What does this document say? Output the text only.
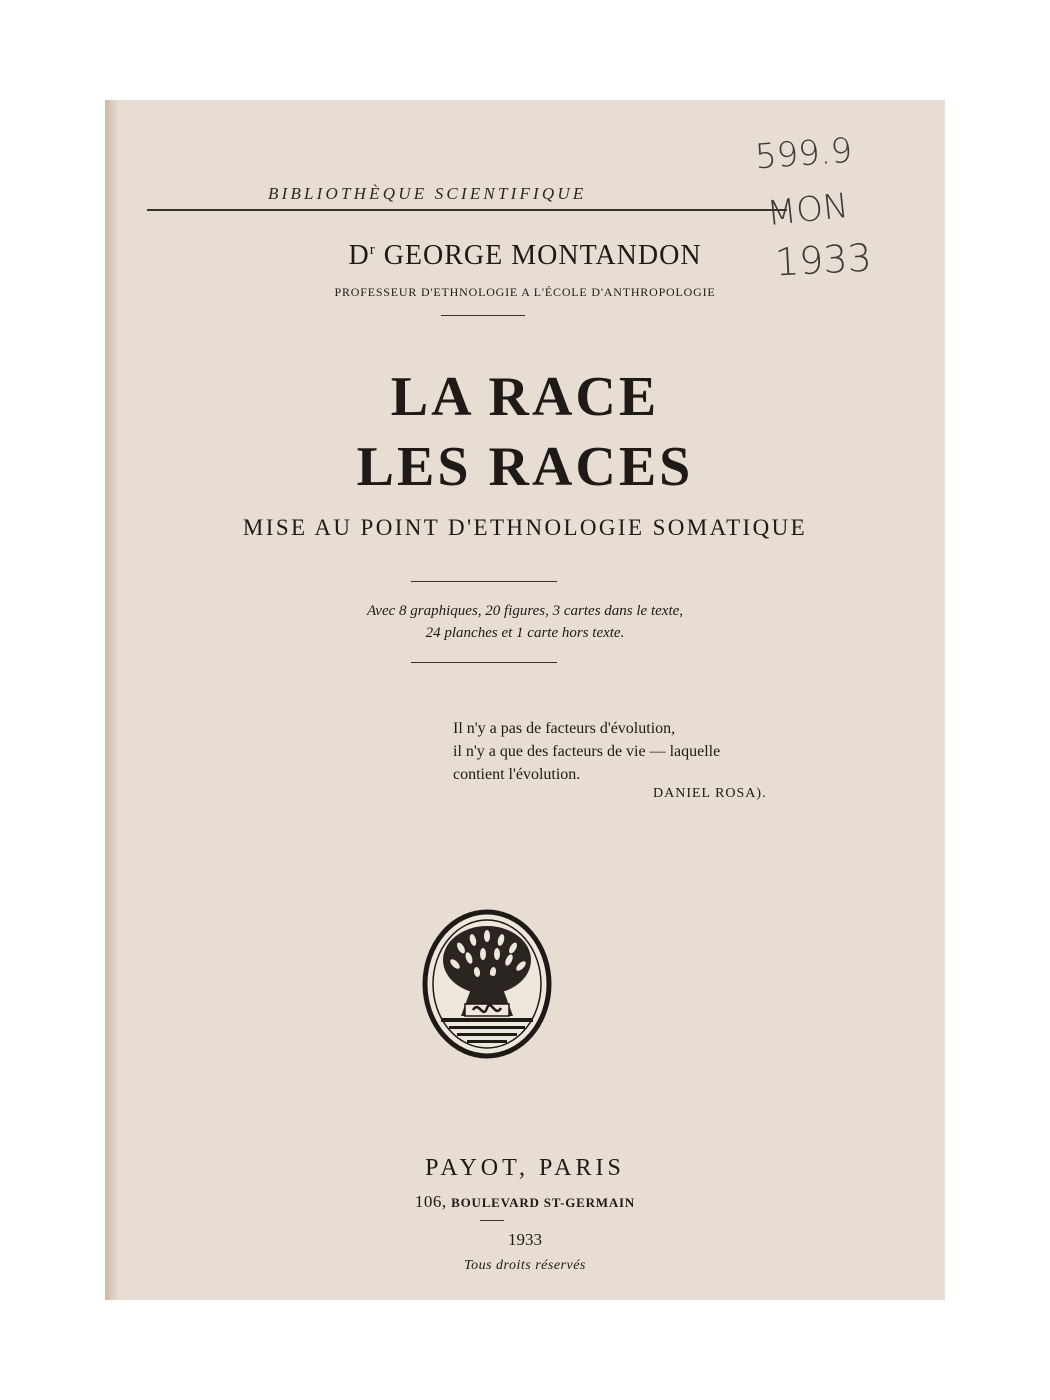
599.9
MON
1933
BIBLIOTHÈQUE SCIENTIFIQUE
$D^r$ GEORGE MONTANDON
PROFESSEUR D'ETHNOLOGIE A L'ÉCOLE D'ANTHROPOLOGIE
LA RACE
LES RACES
MISE AU POINT D'ETHNOLOGIE SOMATIQUE
Avec 8 graphiques, 20 figures, 3 cartes dans le texte,
24 planches et 1 carte hors texte.
Il n'y a pas de facteurs d'évolution,
il n'y a que des facteurs de vie — laquelle
contient l'évolution.
DANIEL ROSA).
PAYOT, PARIS
106, BOULEVARD ST-GERMAIN
1933
Tous droits réservés
